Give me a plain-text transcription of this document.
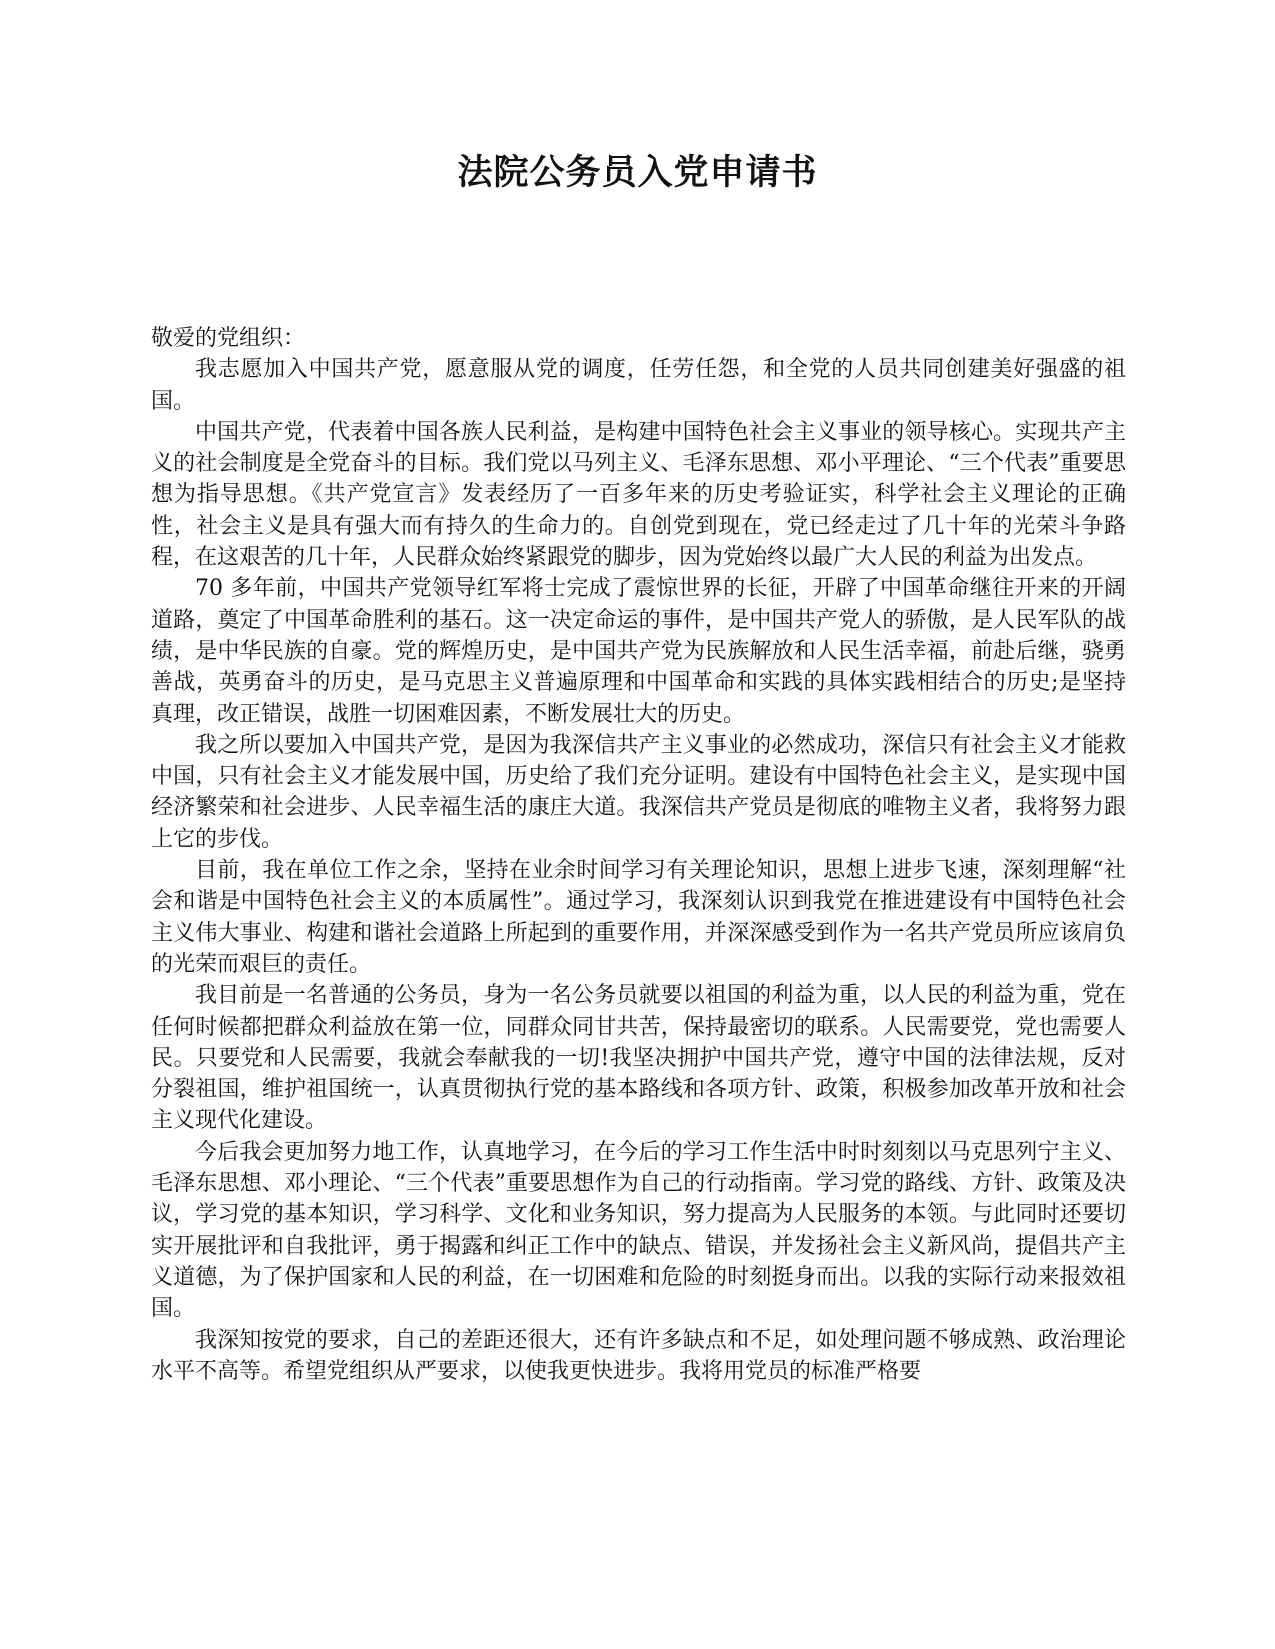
法院公务员入党申请书

敬爱的党组织：

我志愿加入中国共产党，愿意服从党的调度，任劳任怨，和全党的人员共同创建美好强盛的祖国。

中国共产党，代表着中国各族人民利益，是构建中国特色社会主义事业的领导核心。实现共产主义的社会制度是全党奋斗的目标。我们党以马列主义、毛泽东思想、邓小平理论、“三个代表”重要思想为指导思想。《共产党宣言》发表经历了一百多年来的历史考验证实，科学社会主义理论的正确性，社会主义是具有强大而有持久的生命力的。自创党到现在，党已经走过了几十年的光荣斗争路程，在这艰苦的几十年，人民群众始终紧跟党的脚步，因为党始终以最广大人民的利益为出发点。

70 多年前，中国共产党领导红军将士完成了震惊世界的长征，开辟了中国革命继往开来的开阔道路，奠定了中国革命胜利的基石。这一决定命运的事件，是中国共产党人的骄傲，是人民军队的战绩，是中华民族的自豪。党的辉煌历史，是中国共产党为民族解放和人民生活幸福，前赴后继，骁勇善战，英勇奋斗的历史，是马克思主义普遍原理和中国革命和实践的具体实践相结合的历史;是坚持真理，改正错误，战胜一切困难因素，不断发展壮大的历史。

我之所以要加入中国共产党，是因为我深信共产主义事业的必然成功，深信只有社会主义才能救中国，只有社会主义才能发展中国，历史给了我们充分证明。建设有中国特色社会主义，是实现中国经济繁荣和社会进步、人民幸福生活的康庄大道。我深信共产党员是彻底的唯物主义者，我将努力跟上它的步伐。

目前，我在单位工作之余，坚持在业余时间学习有关理论知识，思想上进步飞速，深刻理解“社会和谐是中国特色社会主义的本质属性”。通过学习，我深刻认识到我党在推进建设有中国特色社会主义伟大事业、构建和谐社会道路上所起到的重要作用，并深深感受到作为一名共产党员所应该肩负的光荣而艰巨的责任。

我目前是一名普通的公务员，身为一名公务员就要以祖国的利益为重，以人民的利益为重，党在任何时候都把群众利益放在第一位，同群众同甘共苦，保持最密切的联系。人民需要党，党也需要人民。只要党和人民需要，我就会奉献我的一切!我坚决拥护中国共产党，遵守中国的法律法规，反对分裂祖国，维护祖国统一，认真贯彻执行党的基本路线和各项方针、政策，积极参加改革开放和社会主义现代化建设。

今后我会更加努力地工作，认真地学习，在今后的学习工作生活中时时刻刻以马克思列宁主义、毛泽东思想、邓小理论、“三个代表”重要思想作为自己的行动指南。学习党的路线、方针、政策及决议，学习党的基本知识，学习科学、文化和业务知识，努力提高为人民服务的本领。与此同时还要切实开展批评和自我批评，勇于揭露和纠正工作中的缺点、错误，并发扬社会主义新风尚，提倡共产主义道德，为了保护国家和人民的利益，在一切困难和危险的时刻挺身而出。以我的实际行动来报效祖国。

我深知按党的要求，自己的差距还很大，还有许多缺点和不足，如处理问题不够成熟、政治理论水平不高等。希望党组织从严要求，以使我更快进步。我将用党员的标准严格要
